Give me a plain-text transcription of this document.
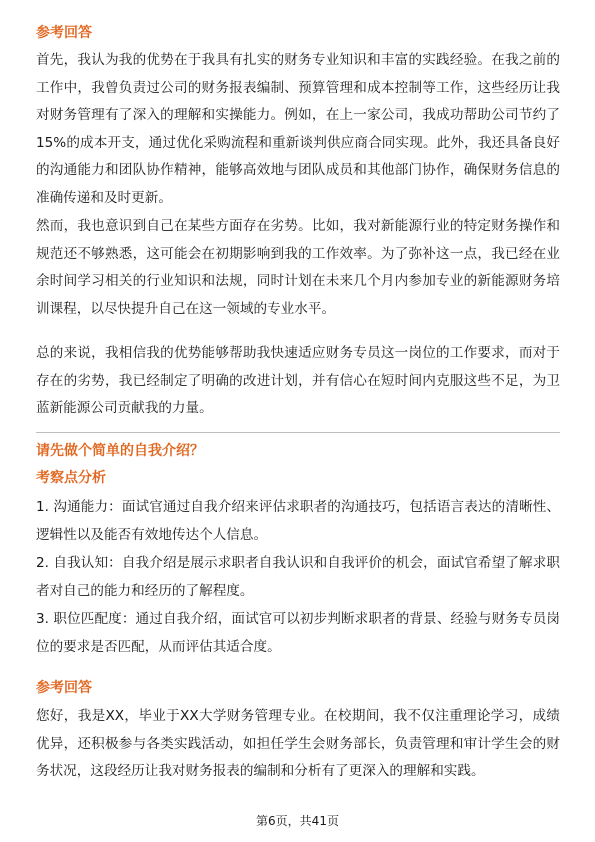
参考回答

首先，我认为我的优势在于我具有扎实的财务专业知识和丰富的实践经验。在我之前的工作中，我曾负责过公司的财务报表编制、预算管理和成本控制等工作，这些经历让我对财务管理有了深入的理解和实操能力。例如，在上一家公司，我成功帮助公司节约了15%的成本开支，通过优化采购流程和重新谈判供应商合同实现。此外，我还具备良好的沟通能力和团队协作精神，能够高效地与团队成员和其他部门协作，确保财务信息的准确传递和及时更新。

然而，我也意识到自己在某些方面存在劣势。比如，我对新能源行业的特定财务操作和规范还不够熟悉，这可能会在初期影响到我的工作效率。为了弥补这一点，我已经在业余时间学习相关的行业知识和法规，同时计划在未来几个月内参加专业的新能源财务培训课程，以尽快提升自己在这一领域的专业水平。

总的来说，我相信我的优势能够帮助我快速适应财务专员这一岗位的工作要求，而对于存在的劣势，我已经制定了明确的改进计划，并有信心在短时间内克服这些不足，为卫蓝新能源公司贡献我的力量。

请先做个简单的自我介绍？

考察点分析

1. 沟通能力：面试官通过自我介绍来评估求职者的沟通技巧，包括语言表达的清晰性、逻辑性以及能否有效地传达个人信息。

2. 自我认知：自我介绍是展示求职者自我认识和自我评价的机会，面试官希望了解求职者对自己的能力和经历的了解程度。

3. 职位匹配度：通过自我介绍，面试官可以初步判断求职者的背景、经验与财务专员岗位的要求是否匹配，从而评估其适合度。

参考回答

您好，我是XX，毕业于XX大学财务管理专业。在校期间，我不仅注重理论学习，成绩优异，还积极参与各类实践活动，如担任学生会财务部长，负责管理和审计学生会的财务状况，这段经历让我对财务报表的编制和分析有了更深入的理解和实践。

第6页，共41页
